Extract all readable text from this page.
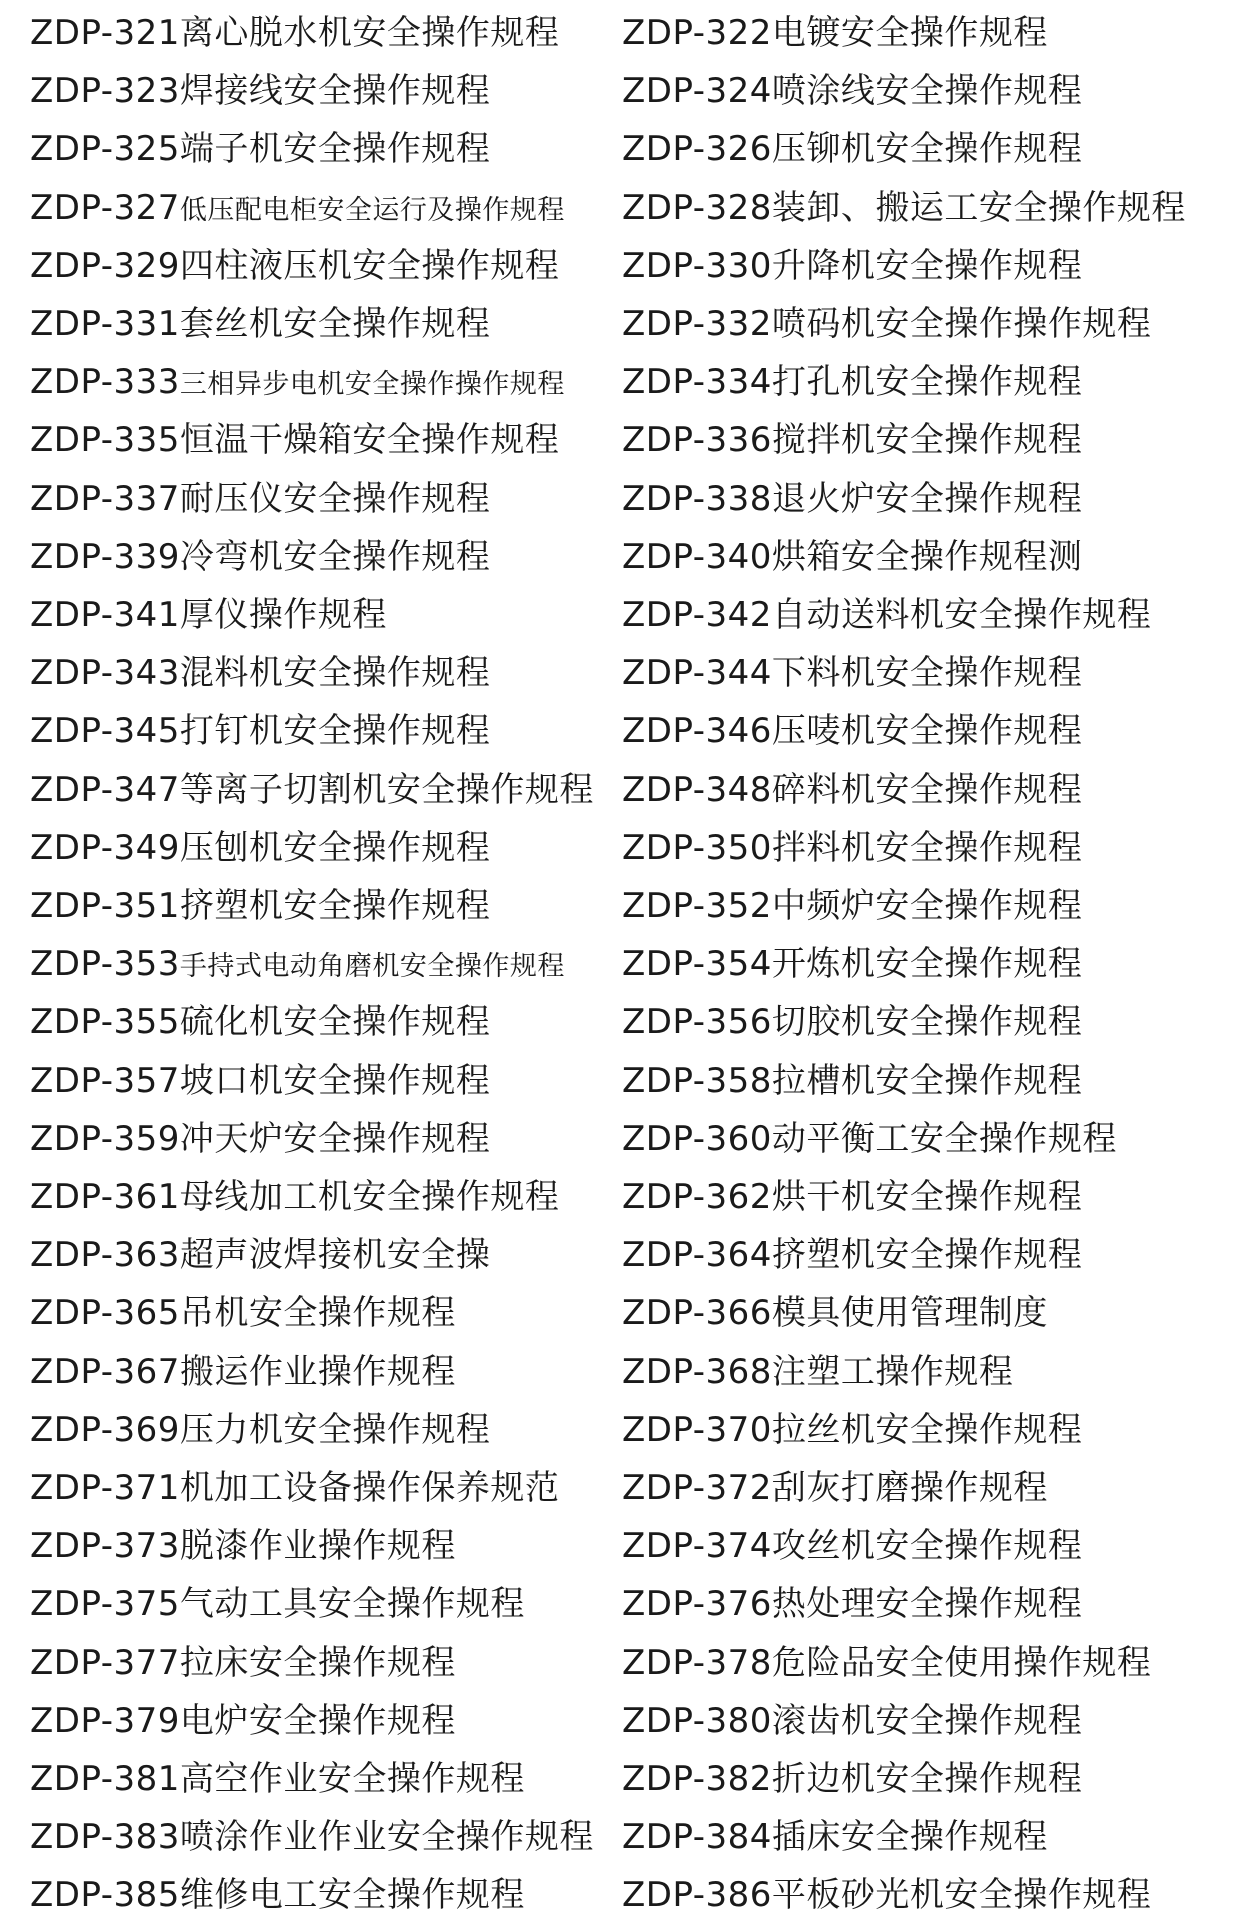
ZDP-321离心脱水机安全操作规程 ZDP-322电镀安全操作规程
ZDP-323焊接线安全操作规程	ZDP-324喷涂线安全操作规程
ZDP-325端子机安全操作规程	ZDP-326压铆机安全操作规程
ZDP-327低压配电柜安全运行及操作规程 ZDP-328装卸、搬运工安全操作规程
ZDP-329四柱液压机安全操作规程 ZDP-330升降机安全操作规程
ZDP-331套丝机安全操作规程	ZDP-332喷码机安全操作操作规程
ZDP-333三相异步电机安全操作操作规程 ZDP-334打孔机安全操作规程
ZDP-335恒温干燥箱安全操作规程 ZDP-336搅拌机安全操作规程
ZDP-337耐压仪安全操作规程	ZDP-338退火炉安全操作规程
ZDP-339冷弯机安全操作规程	ZDP-340烘箱安全操作规程测
ZDP-341厚仪操作规程	ZDP-342自动送料机安全操作规程
ZDP-343混料机安全操作规程	ZDP-344下料机安全操作规程
ZDP-345打钉机安全操作规程	ZDP-346压唛机安全操作规程
ZDP-347等离子切割机安全操作规程 ZDP-348碎料机安全操作规程
ZDP-349压刨机安全操作规程	ZDP-350拌料机安全操作规程
ZDP-351挤塑机安全操作规程	ZDP-352中频炉安全操作规程
ZDP-353手持式电动角磨机安全操作规程 ZDP-354开炼机安全操作规程
ZDP-355硫化机安全操作规程	ZDP-356切胶机安全操作规程
ZDP-357坡口机安全操作规程	ZDP-358拉槽机安全操作规程
ZDP-359冲天炉安全操作规程	ZDP-360动平衡工安全操作规程
ZDP-361母线加工机安全操作规程 ZDP-362烘干机安全操作规程
ZDP-363超声波焊接机安全操	ZDP-364挤塑机安全操作规程
ZDP-365吊机安全操作规程	ZDP-366模具使用管理制度
ZDP-367搬运作业操作规程	ZDP-368注塑工操作规程
ZDP-369压力机安全操作规程	ZDP-370拉丝机安全操作规程
ZDP-371机加工设备操作保养规范 ZDP-372刮灰打磨操作规程
ZDP-373脱漆作业操作规程	ZDP-374攻丝机安全操作规程
ZDP-375气动工具安全操作规程	ZDP-376热处理安全操作规程
ZDP-377拉床安全操作规程	ZDP-378危险品安全使用操作规程
ZDP-379电炉安全操作规程	ZDP-380滚齿机安全操作规程
ZDP-381高空作业安全操作规程	ZDP-382折边机安全操作规程
ZDP-383喷涂作业作业安全操作规程 ZDP-384插床安全操作规程
ZDP-385维修电工安全操作规程	ZDP-386平板砂光机安全操作规程
